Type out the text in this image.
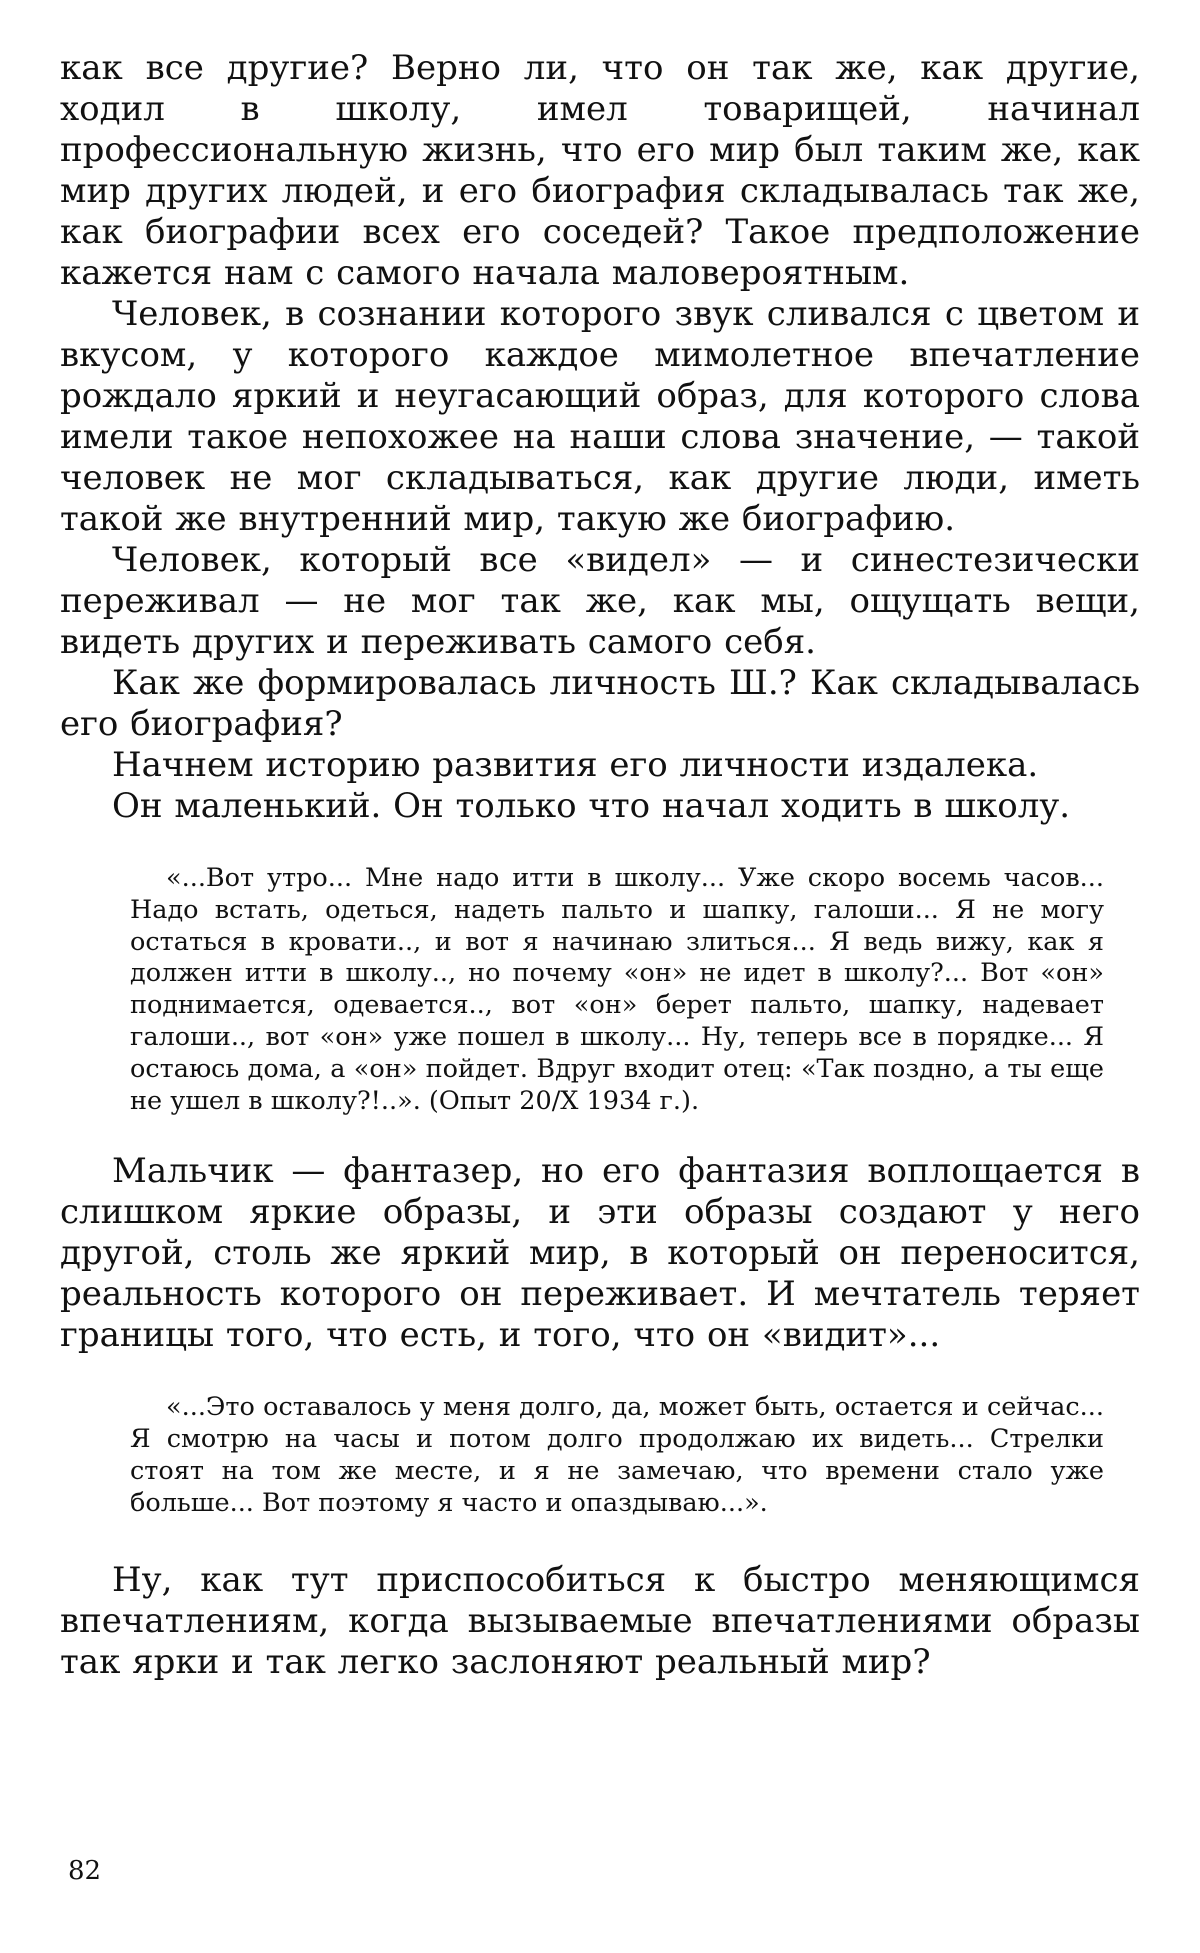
как все другие? Верно ли, что он так же, как другие, ходил в школу, имел товарищей, начинал профессиональную жизнь, что его мир был таким же, как мир других людей, и его биография складывалась так же, как биографии всех его соседей? Такое предположение кажется нам с самого начала маловероятным.

Человек, в сознании которого звук сливался с цветом и вкусом, у которого каждое мимолетное впечатление рождало яркий и неугасающий образ, для которого слова имели такое непохожее на наши слова значение, — такой человек не мог складываться, как другие люди, иметь такой же внутренний мир, такую же биографию.

Человек, который все «видел» — и синестезически переживал — не мог так же, как мы, ощущать вещи, видеть других и переживать самого себя.

Как же формировалась личность Ш.? Как складывалась его биография?

Начнем историю развития его личности издалека.

Он маленький. Он только что начал ходить в школу.

«...Вот утро... Мне надо итти в школу... Уже скоро восемь часов... Надо встать, одеться, надеть пальто и шапку, галоши... Я не могу остаться в кровати.., и вот я начинаю злиться... Я ведь вижу, как я должен итти в школу.., но почему «он» не идет в школу?... Вот «он» поднимается, одевается.., вот «он» берет пальто, шапку, надевает галоши.., вот «он» уже пошел в школу... Ну, теперь все в порядке... Я остаюсь дома, а «он» пойдет. Вдруг входит отец: «Так поздно, а ты еще не ушел в школу?!..». (Опыт 20/X 1934 г.).

Мальчик — фантазер, но его фантазия воплощается в слишком яркие образы, и эти образы создают у него другой, столь же яркий мир, в который он переносится, реальность которого он переживает. И мечтатель теряет границы того, что есть, и того, что он «видит»...

«...Это оставалось у меня долго, да, может быть, остается и сейчас... Я смотрю на часы и потом долго продолжаю их видеть... Стрелки стоят на том же месте, и я не замечаю, что времени стало уже больше... Вот поэтому я часто и опаздываю...».

Ну, как тут приспособиться к быстро меняющимся впечатлениям, когда вызываемые впечатлениями образы так ярки и так легко заслоняют реальный мир?

82
